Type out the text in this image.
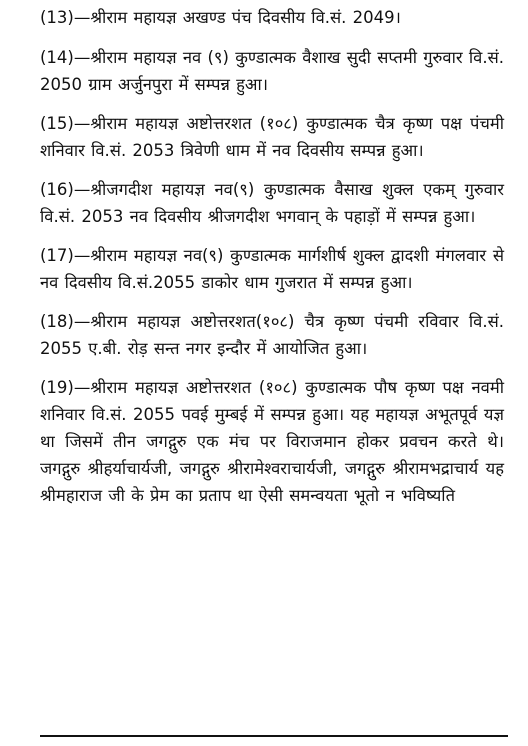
(13)—श्रीराम महायज्ञ अखण्ड पंच दिवसीय वि.सं. 2049।

(14)—श्रीराम महायज्ञ नव (९) कुण्डात्मक वैशाख सुदी सप्तमी गुरुवार वि.सं. 2050 ग्राम अर्जुनपुरा में सम्पन्न हुआ।

(15)—श्रीराम महायज्ञ अष्टोत्तरशत (१०८) कुण्डात्मक चैत्र कृष्ण पक्ष पंचमी शनिवार वि.सं. 2053 त्रिवेणी धाम में नव दिवसीय सम्पन्न हुआ।

(16)—श्रीजगदीश महायज्ञ नव(९) कुण्डात्मक वैसाख शुक्ल एकम् गुरुवार वि.सं. 2053 नव दिवसीय श्रीजगदीश भगवान् के पहाड़ों में सम्पन्न हुआ।

(17)—श्रीराम महायज्ञ नव(९) कुण्डात्मक मार्गशीर्ष शुक्ल द्वादशी मंगलवार से नव दिवसीय वि.सं.2055 डाकोर धाम गुजरात में सम्पन्न हुआ।

(18)—श्रीराम महायज्ञ अष्टोत्तरशत(१०८) चैत्र कृष्ण पंचमी रविवार वि.सं. 2055 ए.बी. रोड़ सन्त नगर इन्दौर में आयोजित हुआ।

(19)—श्रीराम महायज्ञ अष्टोत्तरशत (१०८) कुण्डात्मक पौष कृष्ण पक्ष नवमी शनिवार वि.सं. 2055 पवई मुम्बई में सम्पन्न हुआ। यह महायज्ञ अभूतपूर्व यज्ञ था जिसमें तीन जगद्गुरु एक मंच पर विराजमान होकर प्रवचन करते थे। जगद्गुरु श्रीहर्याचार्यजी, जगद्गुरु श्रीरामेश्वराचार्यजी, जगद्गुरु श्रीरामभद्राचार्य यह श्रीमहाराज जी के प्रेम का प्रताप था ऐसी समन्वयता भूतो न भविष्यति
